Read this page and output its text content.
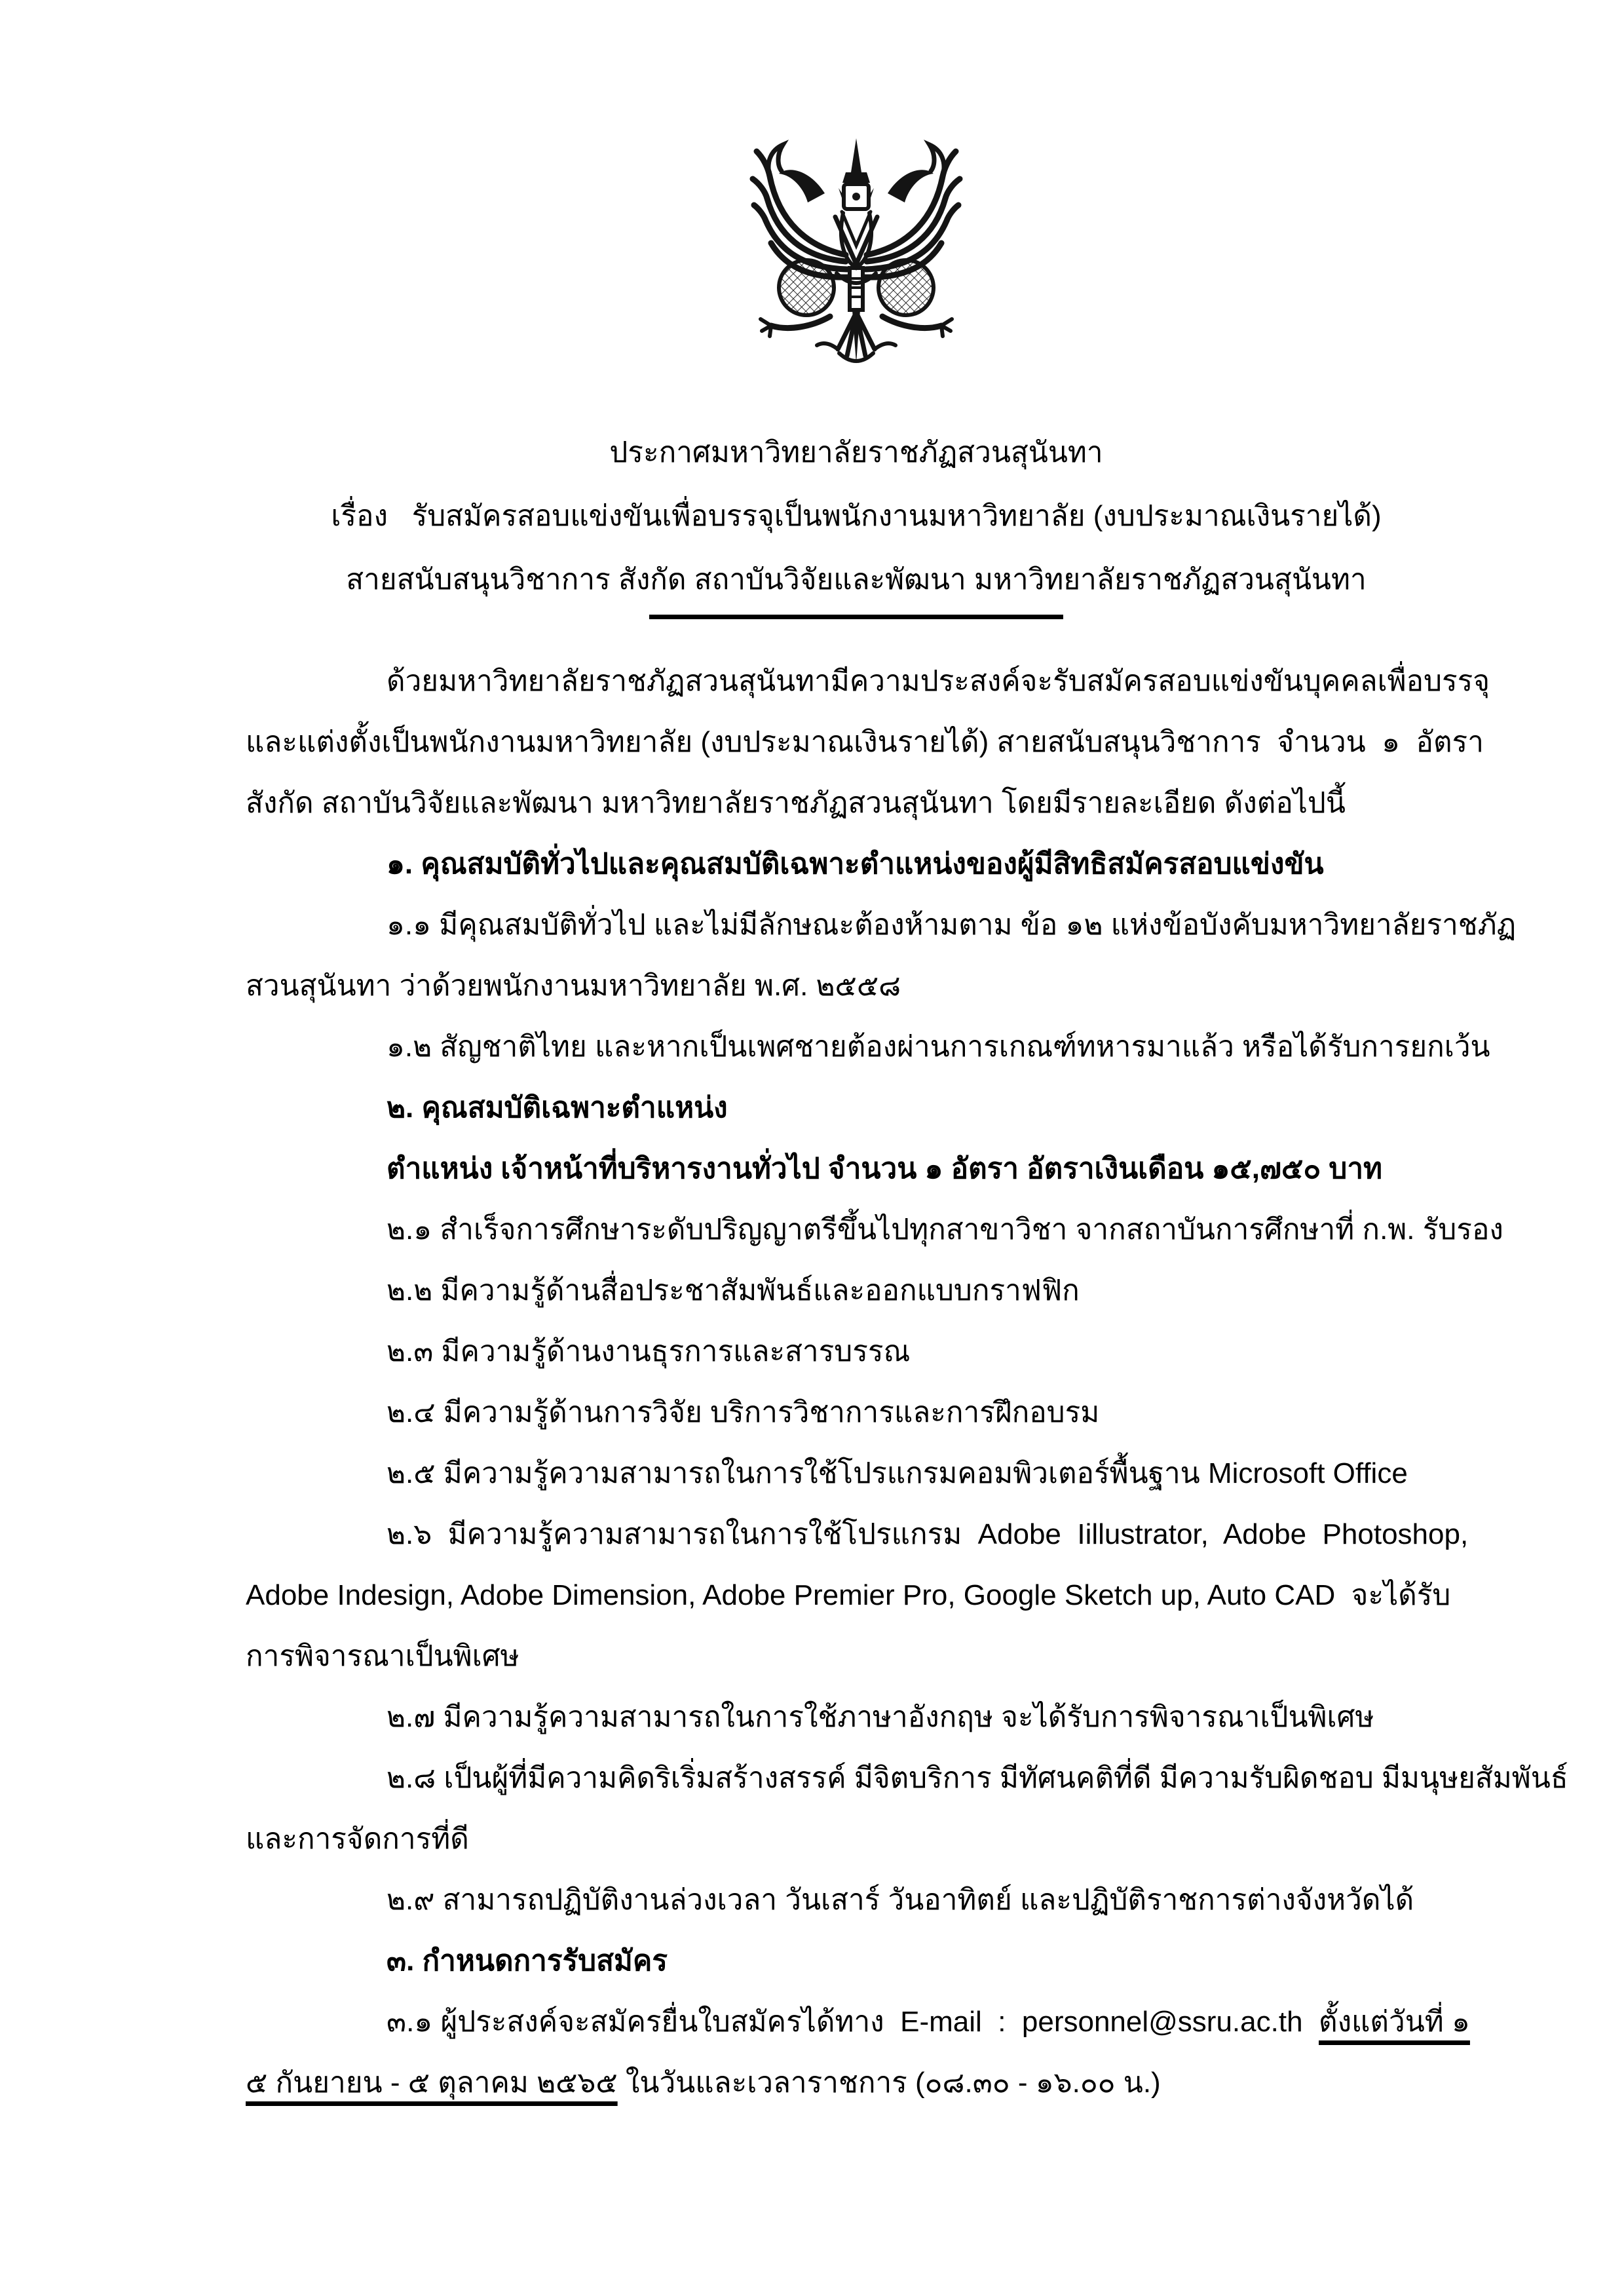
ประกาศมหาวิทยาลัยราชภัฏสวนสุนันทา
เรื่อง   รับสมัครสอบแข่งขันเพื่อบรรจุเป็นพนักงานมหาวิทยาลัย (งบประมาณเงินรายได้)
สายสนับสนุนวิชาการ สังกัด สถาบันวิจัยและพัฒนา มหาวิทยาลัยราชภัฏสวนสุนันทา
ด้วยมหาวิทยาลัยราชภัฏสวนสุนันทามีความประสงค์จะรับสมัครสอบแข่งขันบุคคลเพื่อบรรจุ
และแต่งตั้งเป็นพนักงานมหาวิทยาลัย (งบประมาณเงินรายได้) สายสนับสนุนวิชาการ  จำนวน  ๑  อัตรา
สังกัด สถาบันวิจัยและพัฒนา มหาวิทยาลัยราชภัฏสวนสุนันทา โดยมีรายละเอียด ดังต่อไปนี้
๑. คุณสมบัติทั่วไปและคุณสมบัติเฉพาะตำแหน่งของผู้มีสิทธิสมัครสอบแข่งขัน
๑.๑ มีคุณสมบัติทั่วไป และไม่มีลักษณะต้องห้ามตาม ข้อ ๑๒ แห่งข้อบังคับมหาวิทยาลัยราชภัฏ
สวนสุนันทา ว่าด้วยพนักงานมหาวิทยาลัย พ.ศ. ๒๕๕๘
๑.๒ สัญชาติไทย และหากเป็นเพศชายต้องผ่านการเกณฑ์ทหารมาแล้ว หรือได้รับการยกเว้น
๒. คุณสมบัติเฉพาะตำแหน่ง
ตำแหน่ง เจ้าหน้าที่บริหารงานทั่วไป จำนวน ๑ อัตรา อัตราเงินเดือน ๑๕,๗๕๐ บาท
๒.๑ สำเร็จการศึกษาระดับปริญญาตรีขึ้นไปทุกสาขาวิชา จากสถาบันการศึกษาที่ ก.พ. รับรอง
๒.๒ มีความรู้ด้านสื่อประชาสัมพันธ์และออกแบบกราฟฟิก
๒.๓ มีความรู้ด้านงานธุรการและสารบรรณ
๒.๔ มีความรู้ด้านการวิจัย บริการวิชาการและการฝึกอบรม
๒.๕ มีความรู้ความสามารถในการใช้โปรแกรมคอมพิวเตอร์พื้นฐาน Microsoft Office
๒.๖  มีความรู้ความสามารถในการใช้โปรแกรม  Adobe  Iillustrator,  Adobe  Photoshop,
Adobe Indesign, Adobe Dimension, Adobe Premier Pro, Google Sketch up, Auto CAD  จะได้รับ
การพิจารณาเป็นพิเศษ
๒.๗ มีความรู้ความสามารถในการใช้ภาษาอังกฤษ จะได้รับการพิจารณาเป็นพิเศษ
๒.๘ เป็นผู้ที่มีความคิดริเริ่มสร้างสรรค์ มีจิตบริการ มีทัศนคติที่ดี มีความรับผิดชอบ มีมนุษยสัมพันธ์
และการจัดการที่ดี
๒.๙ สามารถปฏิบัติงานล่วงเวลา วันเสาร์ วันอาทิตย์ และปฏิบัติราชการต่างจังหวัดได้
๓. กำหนดการรับสมัคร
๓.๑ ผู้ประสงค์จะสมัครยื่นใบสมัครได้ทาง  E-mail  :  personnel@ssru.ac.th  ตั้งแต่วันที่ ๑
๕ กันยายน - ๕ ตุลาคม ๒๕๖๕ ในวันและเวลาราชการ (๐๘.๓๐ - ๑๖.๐๐ น.)
